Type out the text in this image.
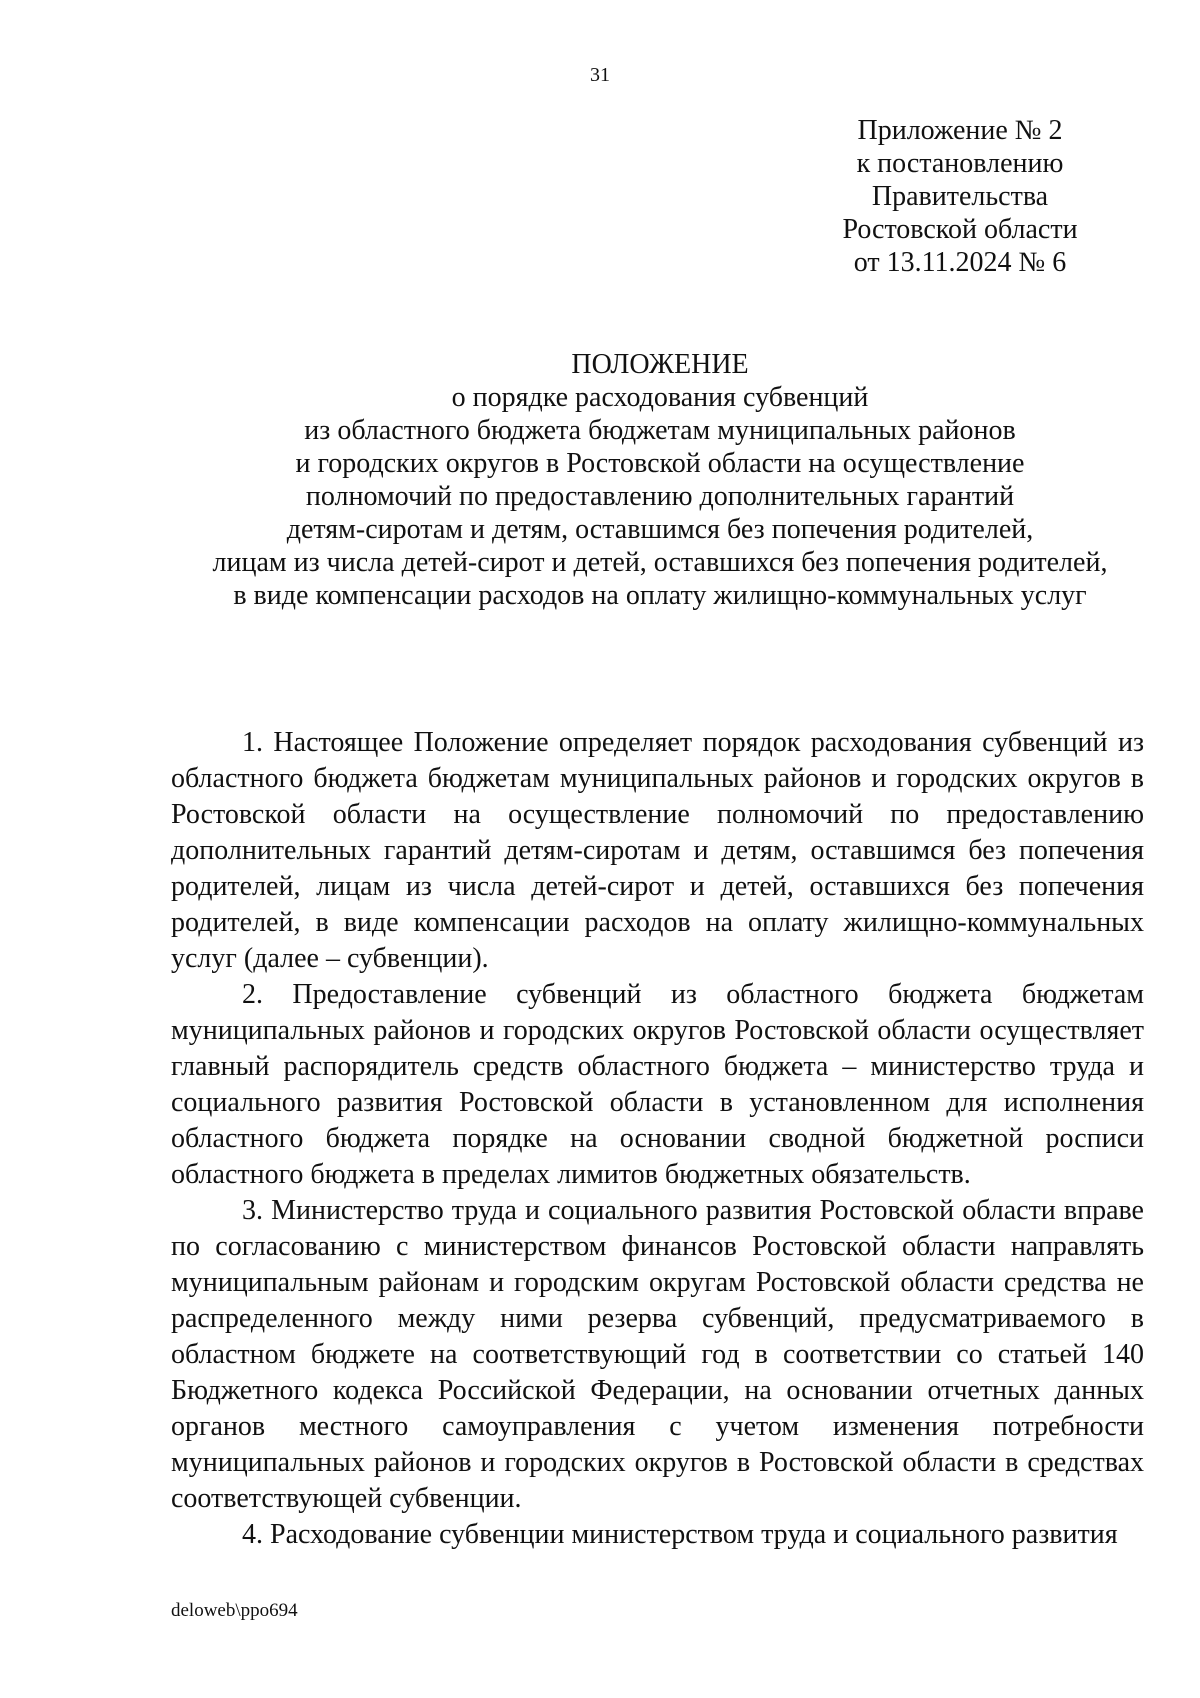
31
Приложение № 2
к постановлению
Правительства
Ростовской области
от 13.11.2024 № 6
ПОЛОЖЕНИЕ
о порядке расходования субвенций
из областного бюджета бюджетам муниципальных районов
и городских округов в Ростовской области на осуществление
полномочий по предоставлению дополнительных гарантий
детям-сиротам и детям, оставшимся без попечения родителей,
лицам из числа детей-сирот и детей, оставшихся без попечения родителей,
в виде компенсации расходов на оплату жилищно-коммунальных услуг

1. Настоящее Положение определяет порядок расходования субвенций из областного бюджета бюджетам муниципальных районов и городских округов в Ростовской области на осуществление полномочий по предоставлению дополнительных гарантий детям-сиротам и детям, оставшимся без попечения родителей, лицам из числа детей-сирот и детей, оставшихся без попечения родителей, в виде компенсации расходов на оплату жилищно-коммунальных услуг (далее – субвенции).

2. Предоставление субвенций из областного бюджета бюджетам муниципальных районов и городских округов Ростовской области осуществляет главный распорядитель средств областного бюджета – министерство труда и социального развития Ростовской области в установленном для исполнения областного бюджета порядке на основании сводной бюджетной росписи областного бюджета в пределах лимитов бюджетных обязательств.

3. Министерство труда и социального развития Ростовской области вправе по согласованию с министерством финансов Ростовской области направлять муниципальным районам и городским округам Ростовской области средства не распределенного между ними резерва субвенций, предусматриваемого в областном бюджете на соответствующий год в соответствии со статьей 140 Бюджетного кодекса Российской Федерации, на основании отчетных данных органов местного самоуправления с учетом изменения потребности муниципальных районов и городских округов в Ростовской области в средствах соответствующей субвенции.

4. Расходование субвенции министерством труда и социального развития

deloweb\ppo694
